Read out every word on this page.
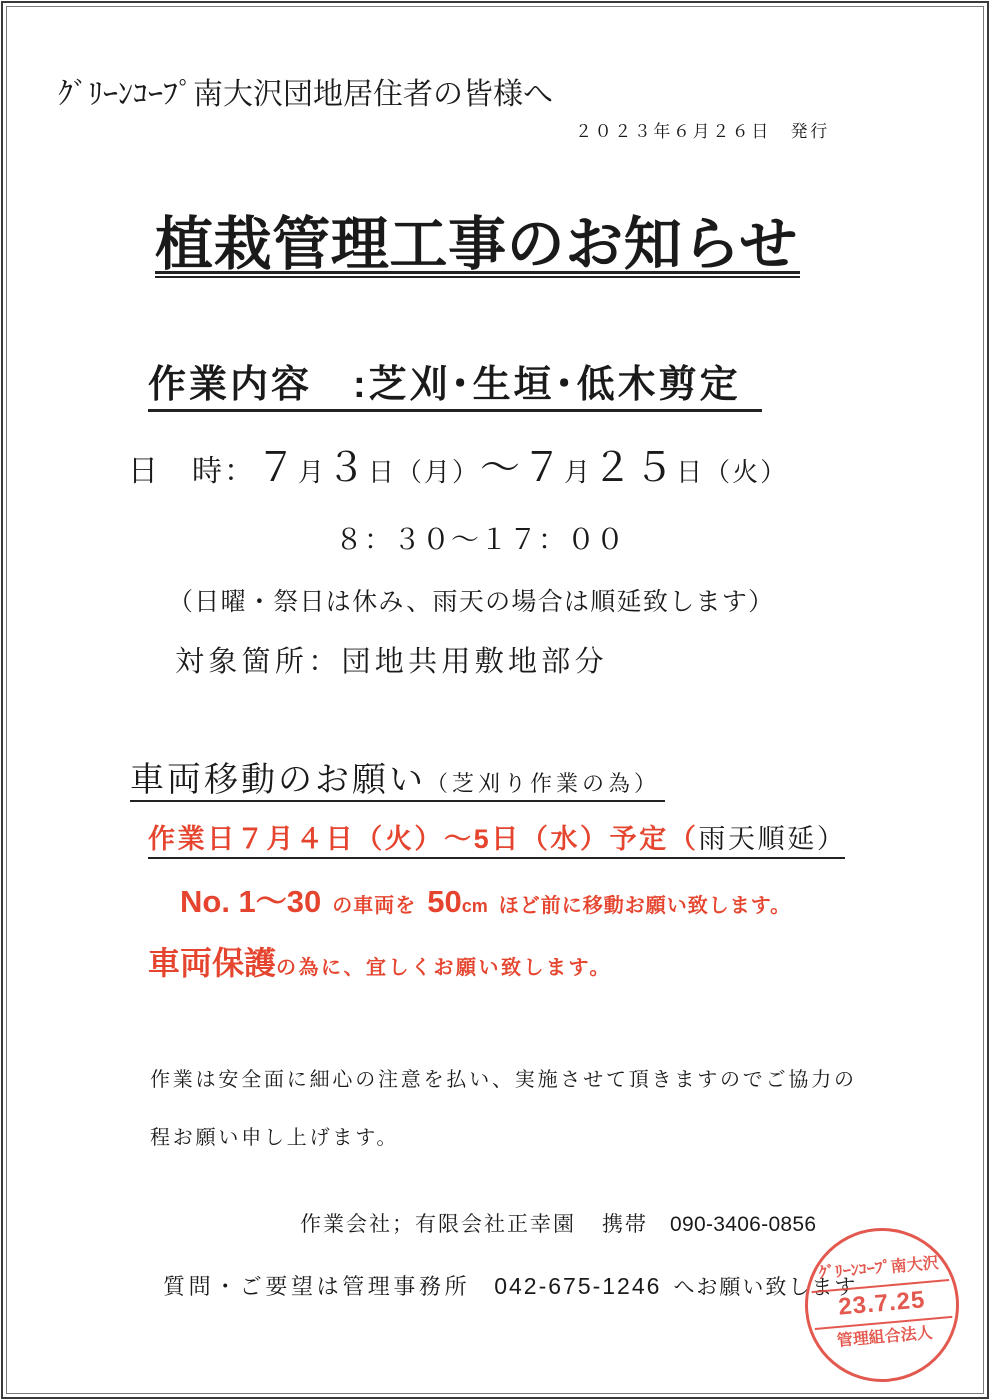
ｸﾞﾘｰﾝｺｰﾌﾟ南大沢団地居住者の皆様へ
２０２３年６月２６日　発行
植栽管理工事のお知らせ
作業内容　:芝刈･生垣･低木剪定
日　時： ７ 月 ３ 日 （月） ～ ７ 月 ２５ 日 （火）
８：３０～１７：００
（日曜・祭日は休み、雨天の場合は順延致します）
対象箇所：団地共用敷地部分
車両移動のお願い （芝刈り作業の為）
作業日７月４日（火）～5日（水）予定（ 雨天順延）
No. 1～30 の車両を 50 cm ほど前に移動お願い致します。
車両保護 の為に、宜しくお願い致します。
作業は安全面に細心の注意を払い、実施させて頂きますのでご協力の
程お願い申し上げます。
作業会社；有限会社正幸園 携帯 090-3406-0856
質問・ご要望は管理事務所 042-675-1246 へお願い致します
ｸﾞﾘｰﾝｺｰﾌﾟ南大沢
23.7.25
管理組合法人
